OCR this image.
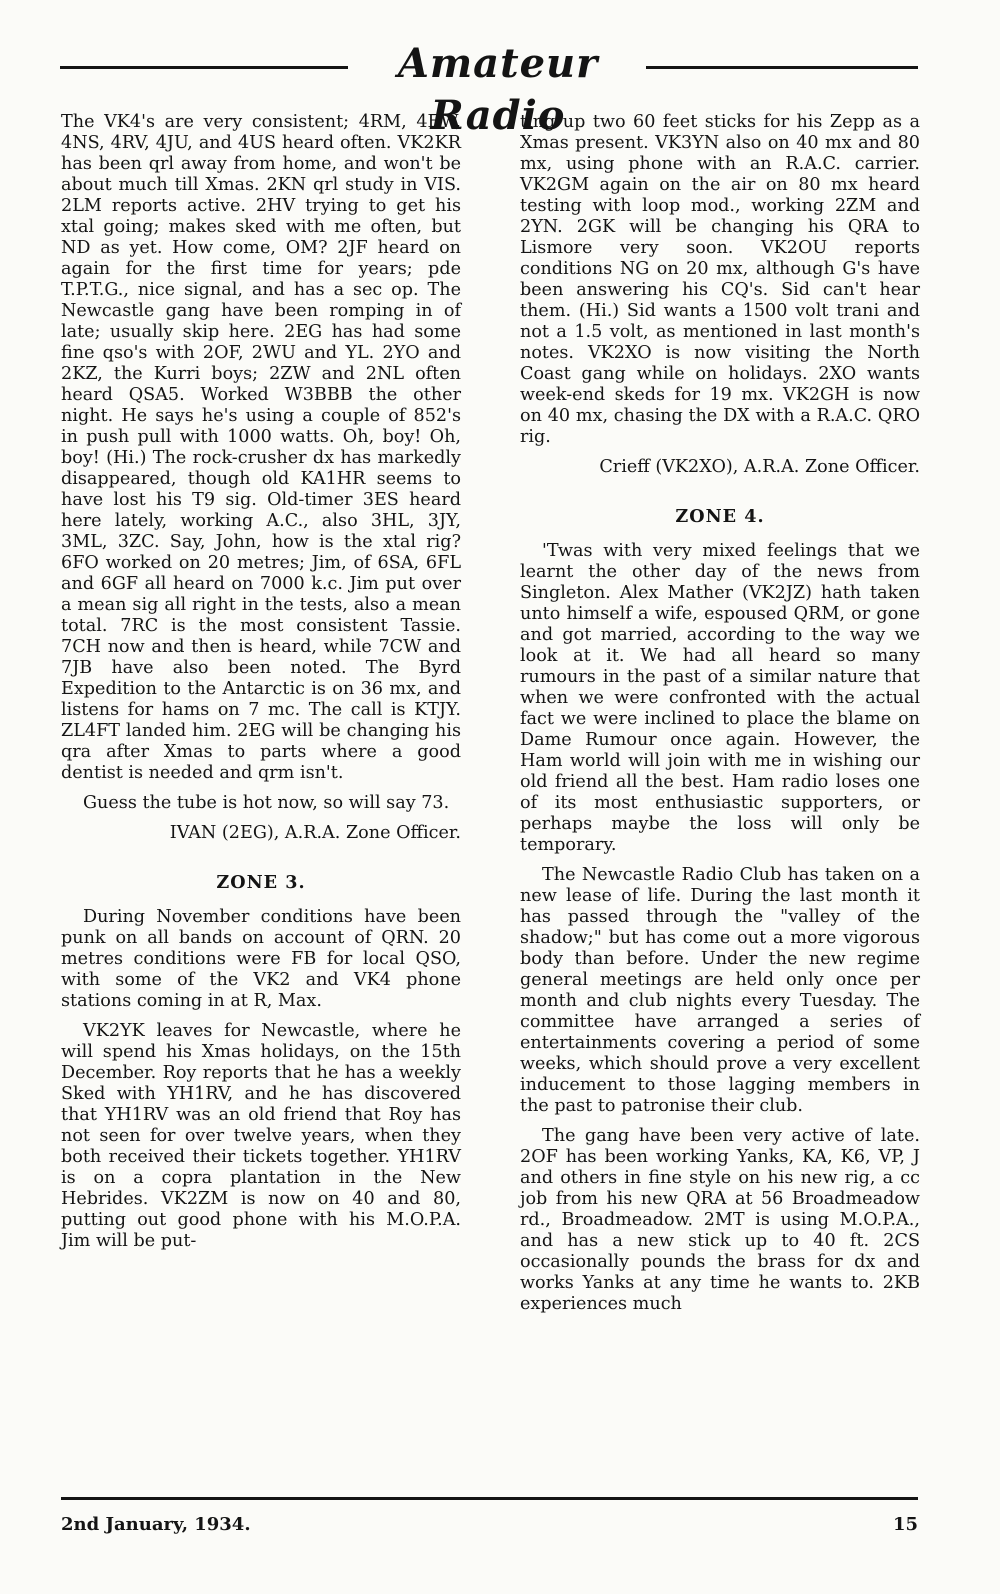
Amateur Radio

The VK4's are very consistent; 4RM, 4EW, 4NS, 4RV, 4JU, and 4US heard often. VK2KR has been qrl away from home, and won't be about much till Xmas. 2KN qrl study in VIS. 2LM reports active. 2HV trying to get his xtal going; makes sked with me often, but ND as yet. How come, OM? 2JF heard on again for the first time for years; pde T.P.T.G., nice signal, and has a sec op. The Newcastle gang have been romping in of late; usually skip here. 2EG has had some fine qso's with 2OF, 2WU and YL. 2YO and 2KZ, the Kurri boys; 2ZW and 2NL often heard QSA5. Worked W3BBB the other night. He says he's using a couple of 852's in push pull with 1000 watts. Oh, boy! Oh, boy! (Hi.) The rock-crusher dx has markedly disappeared, though old KA1HR seems to have lost his T9 sig. Old-timer 3ES heard here lately, working A.C., also 3HL, 3JY, 3ML, 3ZC. Say, John, how is the xtal rig? 6FO worked on 20 metres; Jim, of 6SA, 6FL and 6GF all heard on 7000 k.c. Jim put over a mean sig all right in the tests, also a mean total. 7RC is the most consistent Tassie. 7CH now and then is heard, while 7CW and 7JB have also been noted. The Byrd Expedition to the Antarctic is on 36 mx, and listens for hams on 7 mc. The call is KTJY. ZL4FT landed him. 2EG will be changing his qra after Xmas to parts where a good dentist is needed and qrm isn't.

Guess the tube is hot now, so will say 73.

IVAN (2EG), A.R.A. Zone Officer.

ZONE 3.

During November conditions have been punk on all bands on account of QRN. 20 metres conditions were FB for local QSO, with some of the VK2 and VK4 phone stations coming in at R, Max.

VK2YK leaves for Newcastle, where he will spend his Xmas holidays, on the 15th December. Roy reports that he has a weekly Sked with YH1RV, and he has discovered that YH1RV was an old friend that Roy has not seen for over twelve years, when they both received their tickets together. YH1RV is on a copra plantation in the New Hebrides. VK2ZM is now on 40 and 80, putting out good phone with his M.O.P.A. Jim will be put-

ting up two 60 feet sticks for his Zepp as a Xmas present. VK3YN also on 40 mx and 80 mx, using phone with an R.A.C. carrier. VK2GM again on the air on 80 mx heard testing with loop mod., working 2ZM and 2YN. 2GK will be changing his QRA to Lismore very soon. VK2OU reports conditions NG on 20 mx, although G's have been answering his CQ's. Sid can't hear them. (Hi.) Sid wants a 1500 volt trani and not a 1.5 volt, as mentioned in last month's notes. VK2XO is now visiting the North Coast gang while on holidays. 2XO wants week-end skeds for 19 mx. VK2GH is now on 40 mx, chasing the DX with a R.A.C. QRO rig.

Crieff (VK2XO), A.R.A. Zone Officer.

ZONE 4.

'Twas with very mixed feelings that we learnt the other day of the news from Singleton. Alex Mather (VK2JZ) hath taken unto himself a wife, espoused QRM, or gone and got married, according to the way we look at it. We had all heard so many rumours in the past of a similar nature that when we were confronted with the actual fact we were inclined to place the blame on Dame Rumour once again. However, the Ham world will join with me in wishing our old friend all the best. Ham radio loses one of its most enthusiastic supporters, or perhaps maybe the loss will only be temporary.

The Newcastle Radio Club has taken on a new lease of life. During the last month it has passed through the "valley of the shadow;" but has come out a more vigorous body than before. Under the new regime general meetings are held only once per month and club nights every Tuesday. The committee have arranged a series of entertainments covering a period of some weeks, which should prove a very excellent inducement to those lagging members in the past to patronise their club.

The gang have been very active of late. 2OF has been working Yanks, KA, K6, VP, J and others in fine style on his new rig, a cc job from his new QRA at 56 Broadmeadow rd., Broadmeadow. 2MT is using M.O.P.A., and has a new stick up to 40 ft. 2CS occasionally pounds the brass for dx and works Yanks at any time he wants to. 2KB experiences much

2nd January, 1934.	15
